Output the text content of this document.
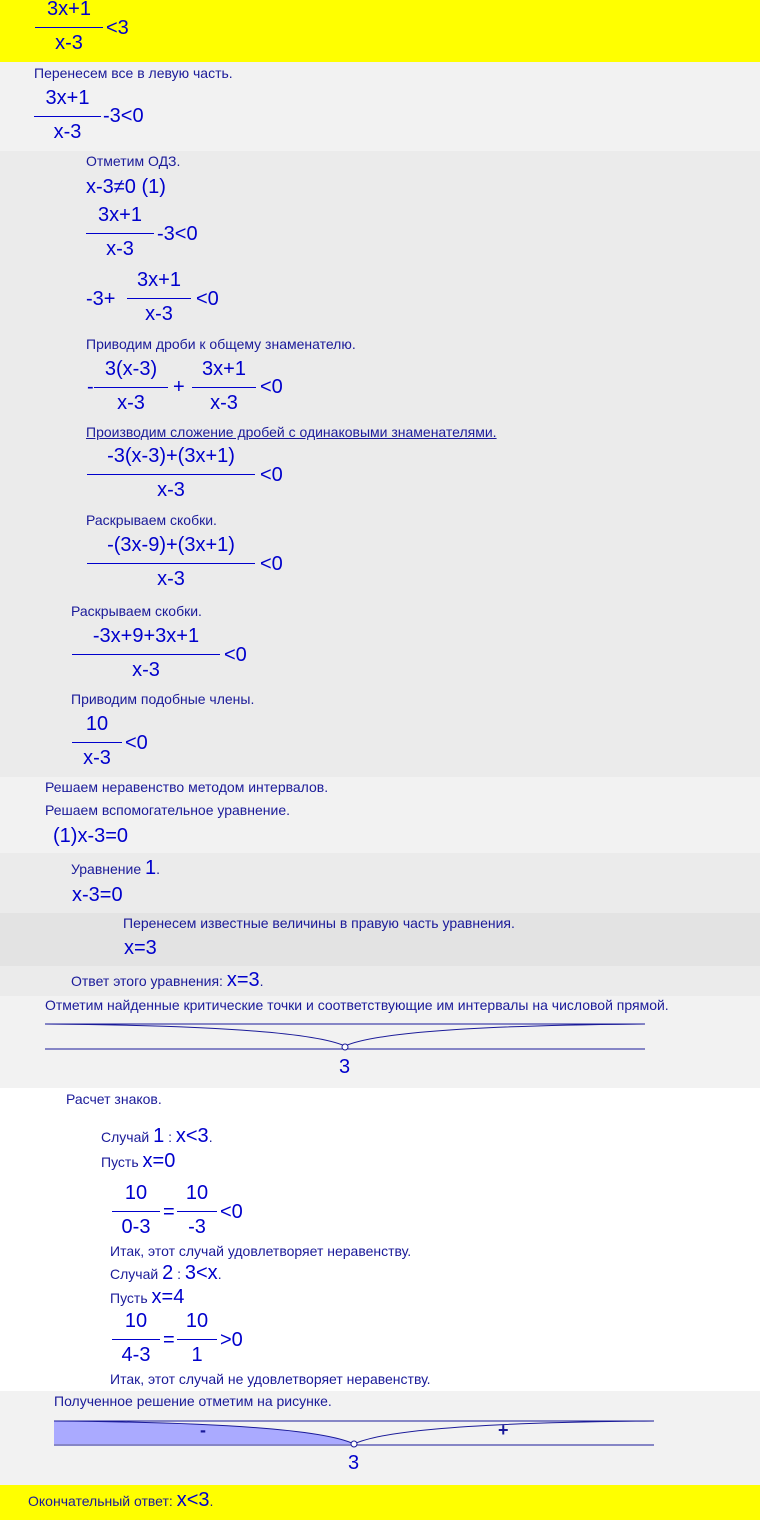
3x+1
x-3
<3
Перенесем все в левую часть.
3x+1
x-3
-3<0
Отметим ОДЗ.
x-3≠0 (1)
3x+1
x-3
-3<0
-3+
3x+1
x-3
<0
Приводим дроби к общему знаменателю.
-
3(x-3)
x-3
+
3x+1
x-3
<0
Производим сложение дробей с одинаковыми знаменателями.
-3(x-3)+(3x+1)
x-3
<0
Раскрываем скобки.
-(3x-9)+(3x+1)
x-3
<0
Раскрываем скобки.
-3x+9+3x+1
x-3
<0
Приводим подобные члены.
10
x-3
<0
Решаем неравенство методом интервалов.
Решаем вспомогательное уравнение.
(1)x-3=0
Уравнение 1.
x-3=0
Перенесем известные величины в правую часть уравнения.
x=3
Ответ этого уравнения: x=3.
Отметим найденные критические точки и соответствующие им интервалы на числовой прямой.
3
Расчет знаков.
Случай 1 : x<3.
Пусть x=0
10
0-3
=
10
-3
<0
Итак, этот случай удовлетворяет неравенству.
Случай 2 : 3<x.
Пусть x=4
10
4-3
=
10
1
>0
Итак, этот случай не удовлетворяет неравенству.
Полученное решение отметим на рисунке.
-	+
3
Окончательный ответ: x<3.
